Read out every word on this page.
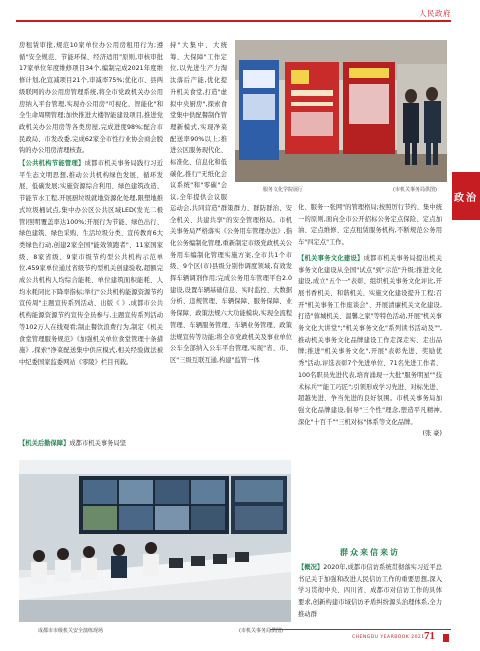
人民政府
政治

房租赁审批,规范10家单位办公用房租用行为;遵循"安全规范、节能环保、经济适用"原则,审核审批17家单位年度维修项目34个,编制完成2021年度维修计划,化宣减项目21个,审减率75%;优化市、县两级联网的办公用房管理系统,将全市党政机关办公用房纳入平台管理,实现办公用房"可视化、智能化"和全生命周期管理;加快推进大楼智能建设项目,推进党政机关办公用房等各类房屋,完成进度98%;配合市民政局、市发改委,完成62家全市性行业协会商会脱钩的办公用房清理核查。

【公共机构节能管理】成都市机关事务局践行习近平生态文明思想,推动公共机构绿色发展、循环发展、低碳发展;实施资源综合利用、绿色建筑改造、节能节水工程,开展厨垃圾就地资源化处理,限塑地推式垃圾桶试点,集中办公区公共区域LED(发光二极管)照明覆盖率达100%;开展行为节能、绿色出行、绿色建筑、绿色采购、生活垃圾分类、宣传教育6大类绿色行动,创建2家全国"能效领跑者"、11家国家级、8家省级、9家市级节约型公共机构示范单位,459家单位通过省级节约型机关创建验收,超额完成公共机构人均综合能耗、单位建筑面积能耗、人均水耗同比下降率指标;举行"公共机构能源资源节约宣传周"主题宣传系列活动、出版《 》,成都市公共机构能源资源节约宣传全员参与,主题宣传系列活动等102万人在线观看;制止餐饮浪费行为,制定《机关食堂管理服务规范》《加强机关单位食堂管理十条措施》,探索"净菜配送集中供应模式,相关经验做法被中纪委国家监委网站《零陵》栏目刊载。

【机关后勤保障】成都市机关事务局坚

持"大集中、大统筹、大保障"工作定位,以先进生产力淘汰落后产能,优化提升机关食堂,打造"虚拟中央厨房",探索食堂集中供配餐制作管理新模式,实现净菜配送率90%以上;推进公区服务现代化、标准化、信息化和低碳化,推行"无纸化会议系统"和"零碳"会议,全年提供会议服

运动会,共同营造"群策群力、群防群治、安全机关、共建共享"的安全管理格局。市机关事务局严格落实《公务用车管理办法》,指化公务编制化管理,重新制定市级党政机关公务用车编制化管理实施方案,全市共1个市级、9个区(市)县级分别作调度领域,有效发挥车辆调剂作用;完成公务用车管理平台2.0建设,设置车辆基础信息、实时监控、大数据分析、违规管理、车辆保障、服务保障、业务保障、政策法规六大功能模块,实现全流程管理、车辆服务管理、车辆业务管理、政策法规宣传等功能;将全市党政机关及事业单位公车全部纳入公车平台管理,实现"省、市、区"三级互联互通,构建"监管一体

化、服务一张网"的管理格局;按照厉行节约、集中统一的原则,面向全市公开招标公务定点保险、定点加油、定点维修、定点租赁服务机构,不断规范公务用车"四定点"工作。

【机关事务文化建设】成都市机关事务局提出机关事务文化建设从全国"试点"到"示范"升级;推进文化建设,成立"五个一"表彰、组织机关事务文化评比,开展书香机关、和谐机关、实施文化建设提升工程;召开"机关事务工作座谈会"、开展清廉机关文化建设,打造"蓉城机关、温馨之家"等特色活动,开展"机关事务文化大讲堂";"机关事务文化"系列读书活动及"",推动机关事务文化品牌建设工作走深走实、走出品牌;推进"机关事务文化",开展"表彰先进、奖励优秀"活动,评选表彰7个先进单位、71名先进工作者、100名职员先进代表,培育涌现一大批"服务明星""技术标兵""能工巧匠";引领形成学习先进、对标先进、超越先进、争当先进的良好氛围。市机关事务局加强文化品牌建设,倡导"三个性"理念,塑造平凡精神,深化"十百千""三机对标"体系等文化品牌。

(张 豪)

群众来信来访

【概况】2020年,成都市信访系统贯彻落实习近平总书记关于加强和改进人民信访工作的重要思想,深入学习贯彻中央、四川省、成都市对信访工作的具体要求,创新构建市域信访矛盾纠纷源头治理体系,全力推动群

服务文化学院展厅	(市机关事务局供图)
成都市市级机关安全演练现场	(市机关事务局供图)
CHENGDU YEARBOOK 2021 71
